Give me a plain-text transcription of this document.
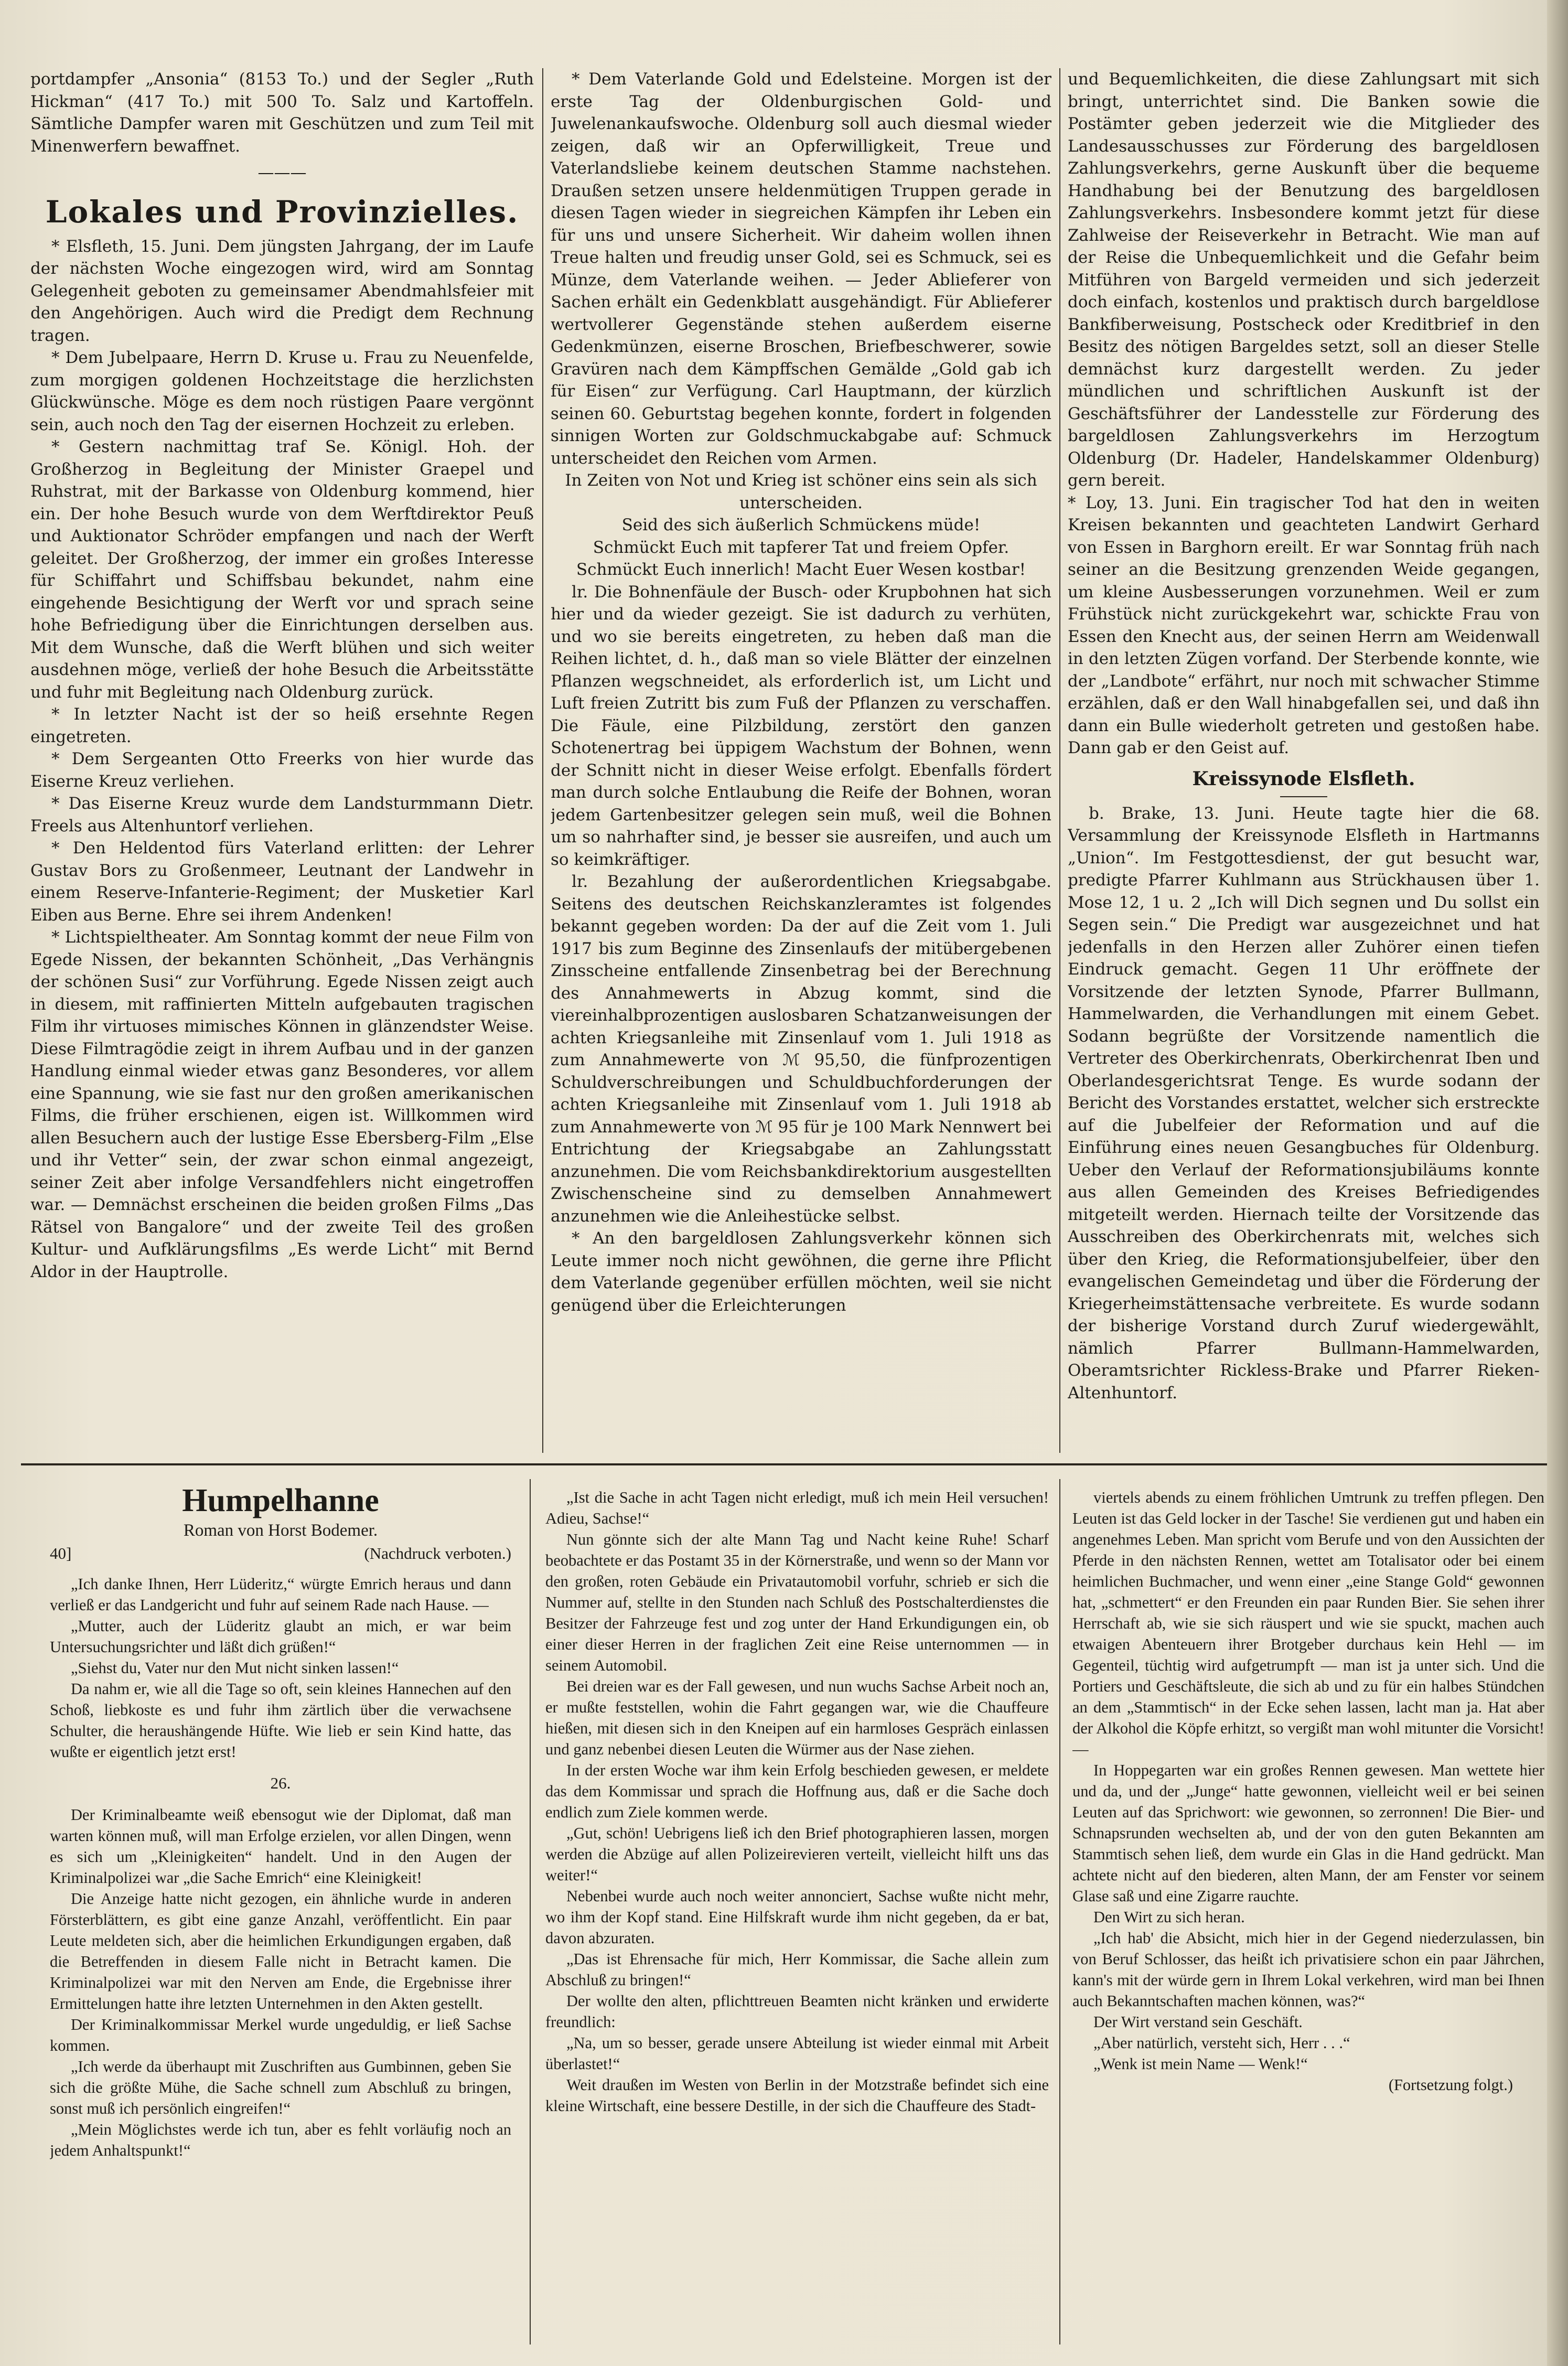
portdampfer „Ansonia“ (8153 To.) und der Segler „Ruth Hickman“ (417 To.) mit 500 To. Salz und Kartoffeln. Sämtliche Dampfer waren mit Geschützen und zum Teil mit Minenwerfern bewaffnet.

———
Lokales und Provinzielles.

* Elsfleth, 15. Juni. Dem jüngsten Jahrgang, der im Laufe der nächsten Woche eingezogen wird, wird am Sonntag Gelegenheit geboten zu gemeinsamer Abendmahlsfeier mit den Angehörigen. Auch wird die Predigt dem Rechnung tragen.

* Dem Jubelpaare, Herrn D. Kruse u. Frau zu Neuenfelde, zum morgigen goldenen Hochzeitstage die herzlichsten Glückwünsche. Möge es dem noch rüstigen Paare vergönnt sein, auch noch den Tag der eisernen Hochzeit zu erleben.

* Gestern nachmittag traf Se. Königl. Hoh. der Großherzog in Begleitung der Minister Graepel und Ruhstrat, mit der Barkasse von Oldenburg kommend, hier ein. Der hohe Besuch wurde von dem Werftdirektor Peuß und Auktionator Schröder empfangen und nach der Werft geleitet. Der Großherzog, der immer ein großes Interesse für Schiffahrt und Schiffsbau bekundet, nahm eine eingehende Besichtigung der Werft vor und sprach seine hohe Befriedigung über die Einrichtungen derselben aus. Mit dem Wunsche, daß die Werft blühen und sich weiter ausdehnen möge, verließ der hohe Besuch die Arbeitsstätte und fuhr mit Begleitung nach Oldenburg zurück.

* In letzter Nacht ist der so heiß ersehnte Regen eingetreten.

* Dem Sergeanten Otto Freerks von hier wurde das Eiserne Kreuz verliehen.

* Das Eiserne Kreuz wurde dem Landsturmmann Dietr. Freels aus Altenhuntorf verliehen.

* Den Heldentod fürs Vaterland erlitten: der Lehrer Gustav Bors zu Großenmeer, Leutnant der Landwehr in einem Reserve-Infanterie-Regiment; der Musketier Karl Eiben aus Berne. Ehre sei ihrem Andenken!

* Lichtspieltheater. Am Sonntag kommt der neue Film von Egede Nissen, der bekannten Schönheit, „Das Verhängnis der schönen Susi“ zur Vorführung. Egede Nissen zeigt auch in diesem, mit raffinierten Mitteln aufgebauten tragischen Film ihr virtuoses mimisches Können in glänzendster Weise. Diese Filmtragödie zeigt in ihrem Aufbau und in der ganzen Handlung einmal wieder etwas ganz Besonderes, vor allem eine Spannung, wie sie fast nur den großen amerikanischen Films, die früher erschienen, eigen ist. Willkommen wird allen Besuchern auch der lustige Esse Ebersberg-Film „Else und ihr Vetter“ sein, der zwar schon einmal angezeigt, seiner Zeit aber infolge Versandfehlers nicht eingetroffen war. — Demnächst erscheinen die beiden großen Films „Das Rätsel von Bangalore“ und der zweite Teil des großen Kultur- und Aufklärungsfilms „Es werde Licht“ mit Bernd Aldor in der Hauptrolle.

* Dem Vaterlande Gold und Edelsteine. Morgen ist der erste Tag der Oldenburgischen Gold- und Juwelenankaufswoche. Oldenburg soll auch diesmal wieder zeigen, daß wir an Opferwilligkeit, Treue und Vaterlandsliebe keinem deutschen Stamme nachstehen. Draußen setzen unsere heldenmütigen Truppen gerade in diesen Tagen wieder in siegreichen Kämpfen ihr Leben ein für uns und unsere Sicherheit. Wir daheim wollen ihnen Treue halten und freudig unser Gold, sei es Schmuck, sei es Münze, dem Vaterlande weihen. — Jeder Ablieferer von Sachen erhält ein Gedenkblatt ausgehändigt. Für Ablieferer wertvollerer Gegenstände stehen außerdem eiserne Gedenkmünzen, eiserne Broschen, Briefbeschwerer, sowie Gravüren nach dem Kämpffschen Gemälde „Gold gab ich für Eisen“ zur Verfügung. Carl Hauptmann, der kürzlich seinen 60. Geburtstag begehen konnte, fordert in folgenden sinnigen Worten zur Goldschmuckabgabe auf: Schmuck unterscheidet den Reichen vom Armen.

In Zeiten von Not und Krieg ist schöner eins sein als sich unterscheiden.

Seid des sich äußerlich Schmückens müde!

Schmückt Euch mit tapferer Tat und freiem Opfer.

Schmückt Euch innerlich! Macht Euer Wesen kostbar!

lr. Die Bohnenfäule der Busch- oder Krupbohnen hat sich hier und da wieder gezeigt. Sie ist dadurch zu verhüten, und wo sie bereits eingetreten, zu heben daß man die Reihen lichtet, d. h., daß man so viele Blätter der einzelnen Pflanzen wegschneidet, als erforderlich ist, um Licht und Luft freien Zutritt bis zum Fuß der Pflanzen zu verschaffen. Die Fäule, eine Pilzbildung, zerstört den ganzen Schotenertrag bei üppigem Wachstum der Bohnen, wenn der Schnitt nicht in dieser Weise erfolgt. Ebenfalls fördert man durch solche Entlaubung die Reife der Bohnen, woran jedem Gartenbesitzer gelegen sein muß, weil die Bohnen um so nahrhafter sind, je besser sie ausreifen, und auch um so keimkräftiger.

lr. Bezahlung der außerordentlichen Kriegsabgabe. Seitens des deutschen Reichskanzleramtes ist folgendes bekannt gegeben worden: Da der auf die Zeit vom 1. Juli 1917 bis zum Beginne des Zinsenlaufs der mitübergebenen Zinsscheine entfallende Zinsenbetrag bei der Berechnung des Annahmewerts in Abzug kommt, sind die viereinhalbprozentigen auslosbaren Schatzanweisungen der achten Kriegsanleihe mit Zinsenlauf vom 1. Juli 1918 as zum Annahmewerte von ℳ 95,50, die fünfprozentigen Schuldverschreibungen und Schuldbuchforderungen der achten Kriegsanleihe mit Zinsenlauf vom 1. Juli 1918 ab zum Annahmewerte von ℳ 95 für je 100 Mark Nennwert bei Entrichtung der Kriegsabgabe an Zahlungsstatt anzunehmen. Die vom Reichsbankdirektorium ausgestellten Zwischenscheine sind zu demselben Annahmewert anzunehmen wie die Anleihestücke selbst.

* An den bargeldlosen Zahlungsverkehr können sich Leute immer noch nicht gewöhnen, die gerne ihre Pflicht dem Vaterlande gegenüber erfüllen möchten, weil sie nicht genügend über die Erleichterungen

und Bequemlichkeiten, die diese Zahlungsart mit sich bringt, unterrichtet sind. Die Banken sowie die Postämter geben jederzeit wie die Mitglieder des Landesausschusses zur Förderung des bargeldlosen Zahlungsverkehrs, gerne Auskunft über die bequeme Handhabung bei der Benutzung des bargeldlosen Zahlungsverkehrs. Insbesondere kommt jetzt für diese Zahlweise der Reiseverkehr in Betracht. Wie man auf der Reise die Unbequemlichkeit und die Gefahr beim Mitführen von Bargeld vermeiden und sich jederzeit doch einfach, kostenlos und praktisch durch bargeldlose Bankfiberweisung, Postscheck oder Kreditbrief in den Besitz des nötigen Bargeldes setzt, soll an dieser Stelle demnächst kurz dargestellt werden. Zu jeder mündlichen und schriftlichen Auskunft ist der Geschäftsführer der Landesstelle zur Förderung des bargeldlosen Zahlungsverkehrs im Herzogtum Oldenburg (Dr. Hadeler, Handelskammer Oldenburg) gern bereit.

* Loy, 13. Juni. Ein tragischer Tod hat den in weiten Kreisen bekannten und geachteten Landwirt Gerhard von Essen in Barghorn ereilt. Er war Sonntag früh nach seiner an die Besitzung grenzenden Weide gegangen, um kleine Ausbesserungen vorzunehmen. Weil er zum Frühstück nicht zurückgekehrt war, schickte Frau von Essen den Knecht aus, der seinen Herrn am Weidenwall in den letzten Zügen vorfand. Der Sterbende konnte, wie der „Landbote“ erfährt, nur noch mit schwacher Stimme erzählen, daß er den Wall hinabgefallen sei, und daß ihn dann ein Bulle wiederholt getreten und gestoßen habe. Dann gab er den Geist auf.

Kreissynode Elsfleth.

b. Brake, 13. Juni. Heute tagte hier die 68. Versammlung der Kreissynode Elsfleth in Hartmanns „Union“. Im Festgottesdienst, der gut besucht war, predigte Pfarrer Kuhlmann aus Strückhausen über 1. Mose 12, 1 u. 2 „Ich will Dich segnen und Du sollst ein Segen sein.“ Die Predigt war ausgezeichnet und hat jedenfalls in den Herzen aller Zuhörer einen tiefen Eindruck gemacht. Gegen 11 Uhr eröffnete der Vorsitzende der letzten Synode, Pfarrer Bullmann, Hammelwarden, die Verhandlungen mit einem Gebet. Sodann begrüßte der Vorsitzende namentlich die Vertreter des Oberkirchenrats, Oberkirchenrat Iben und Oberlandesgerichtsrat Tenge. Es wurde sodann der Bericht des Vorstandes erstattet, welcher sich erstreckte auf die Jubelfeier der Reformation und auf die Einführung eines neuen Gesangbuches für Oldenburg. Ueber den Verlauf der Reformationsjubiläums konnte aus allen Gemeinden des Kreises Befriedigendes mitgeteilt werden. Hiernach teilte der Vorsitzende das Ausschreiben des Oberkirchenrats mit, welches sich über den Krieg, die Reformationsjubelfeier, über den evangelischen Gemeindetag und über die Förderung der Kriegerheimstättensache verbreitete. Es wurde sodann der bisherige Vorstand durch Zuruf wiedergewählt, nämlich Pfarrer Bullmann-Hammelwarden, Oberamtsrichter Rickless-Brake und Pfarrer Rieken-Altenhuntorf.

Humpelhanne
Roman von Horst Bodemer.
40]	(Nachdruck verboten.)

„Ich danke Ihnen, Herr Lüderitz,“ würgte Emrich heraus und dann verließ er das Landgericht und fuhr auf seinem Rade nach Hause. —

„Mutter, auch der Lüderitz glaubt an mich, er war beim Untersuchungsrichter und läßt dich grüßen!“

„Siehst du, Vater nur den Mut nicht sinken lassen!“

Da nahm er, wie all die Tage so oft, sein kleines Hannechen auf den Schoß, liebkoste es und fuhr ihm zärtlich über die verwachsene Schulter, die heraushängende Hüfte. Wie lieb er sein Kind hatte, das wußte er eigentlich jetzt erst!

26.

Der Kriminalbeamte weiß ebensogut wie der Diplomat, daß man warten können muß, will man Erfolge erzielen, vor allen Dingen, wenn es sich um „Kleinigkeiten“ handelt. Und in den Augen der Kriminalpolizei war „die Sache Emrich“ eine Kleinigkeit!

Die Anzeige hatte nicht gezogen, ein ähnliche wurde in anderen Försterblättern, es gibt eine ganze Anzahl, veröffentlicht. Ein paar Leute meldeten sich, aber die heimlichen Erkundigungen ergaben, daß die Betreffenden in diesem Falle nicht in Betracht kamen. Die Kriminalpolizei war mit den Nerven am Ende, die Ergebnisse ihrer Ermittelungen hatte ihre letzten Unternehmen in den Akten gestellt.

Der Kriminalkommissar Merkel wurde ungeduldig, er ließ Sachse kommen.

„Ich werde da überhaupt mit Zuschriften aus Gumbinnen, geben Sie sich die größte Mühe, die Sache schnell zum Abschluß zu bringen, sonst muß ich persönlich eingreifen!“

„Mein Möglichstes werde ich tun, aber es fehlt vorläufig noch an jedem Anhaltspunkt!“

„Ist die Sache in acht Tagen nicht erledigt, muß ich mein Heil versuchen! Adieu, Sachse!“

Nun gönnte sich der alte Mann Tag und Nacht keine Ruhe! Scharf beobachtete er das Postamt 35 in der Körnerstraße, und wenn so der Mann vor den großen, roten Gebäude ein Privatautomobil vorfuhr, schrieb er sich die Nummer auf, stellte in den Stunden nach Schluß des Postschalterdienstes die Besitzer der Fahrzeuge fest und zog unter der Hand Erkundigungen ein, ob einer dieser Herren in der fraglichen Zeit eine Reise unternommen — in seinem Automobil.

Bei dreien war es der Fall gewesen, und nun wuchs Sachse Arbeit noch an, er mußte feststellen, wohin die Fahrt gegangen war, wie die Chauffeure hießen, mit diesen sich in den Kneipen auf ein harmloses Gespräch einlassen und ganz nebenbei diesen Leuten die Würmer aus der Nase ziehen.

In der ersten Woche war ihm kein Erfolg beschieden gewesen, er meldete das dem Kommissar und sprach die Hoffnung aus, daß er die Sache doch endlich zum Ziele kommen werde.

„Gut, schön! Uebrigens ließ ich den Brief photographieren lassen, morgen werden die Abzüge auf allen Polizeirevieren verteilt, vielleicht hilft uns das weiter!“

Nebenbei wurde auch noch weiter annonciert, Sachse wußte nicht mehr, wo ihm der Kopf stand. Eine Hilfskraft wurde ihm nicht gegeben, da er bat, davon abzuraten.

„Das ist Ehrensache für mich, Herr Kommissar, die Sache allein zum Abschluß zu bringen!“

Der wollte den alten, pflichttreuen Beamten nicht kränken und erwiderte freundlich:

„Na, um so besser, gerade unsere Abteilung ist wieder einmal mit Arbeit überlastet!“

Weit draußen im Westen von Berlin in der Motzstraße befindet sich eine kleine Wirtschaft, eine bessere Destille, in der sich die Chauffeure des Stadt-

viertels abends zu einem fröhlichen Umtrunk zu treffen pflegen. Den Leuten ist das Geld locker in der Tasche! Sie verdienen gut und haben ein angenehmes Leben. Man spricht vom Berufe und von den Aussichten der Pferde in den nächsten Rennen, wettet am Totalisator oder bei einem heimlichen Buchmacher, und wenn einer „eine Stange Gold“ gewonnen hat, „schmettert“ er den Freunden ein paar Runden Bier. Sie sehen ihrer Herrschaft ab, wie sie sich räuspert und wie sie spuckt, machen auch etwaigen Abenteuern ihrer Brotgeber durchaus kein Hehl — im Gegenteil, tüchtig wird aufgetrumpft — man ist ja unter sich. Und die Portiers und Geschäftsleute, die sich ab und zu für ein halbes Stündchen an dem „Stammtisch“ in der Ecke sehen lassen, lacht man ja. Hat aber der Alkohol die Köpfe erhitzt, so vergißt man wohl mitunter die Vorsicht! —

In Hoppegarten war ein großes Rennen gewesen. Man wettete hier und da, und der „Junge“ hatte gewonnen, vielleicht weil er bei seinen Leuten auf das Sprichwort: wie gewonnen, so zerronnen! Die Bier- und Schnapsrunden wechselten ab, und der von den guten Bekannten am Stammtisch sehen ließ, dem wurde ein Glas in die Hand gedrückt. Man achtete nicht auf den biederen, alten Mann, der am Fenster vor seinem Glase saß und eine Zigarre rauchte.

Den Wirt zu sich heran.

„Ich hab' die Absicht, mich hier in der Gegend niederzulassen, bin von Beruf Schlosser, das heißt ich privatisiere schon ein paar Jährchen, kann's mit der würde gern in Ihrem Lokal verkehren, wird man bei Ihnen auch Bekanntschaften machen können, was?“

Der Wirt verstand sein Geschäft.

„Aber natürlich, versteht sich, Herr . . .“

„Wenk ist mein Name — Wenk!“

(Fortsetzung folgt.)
